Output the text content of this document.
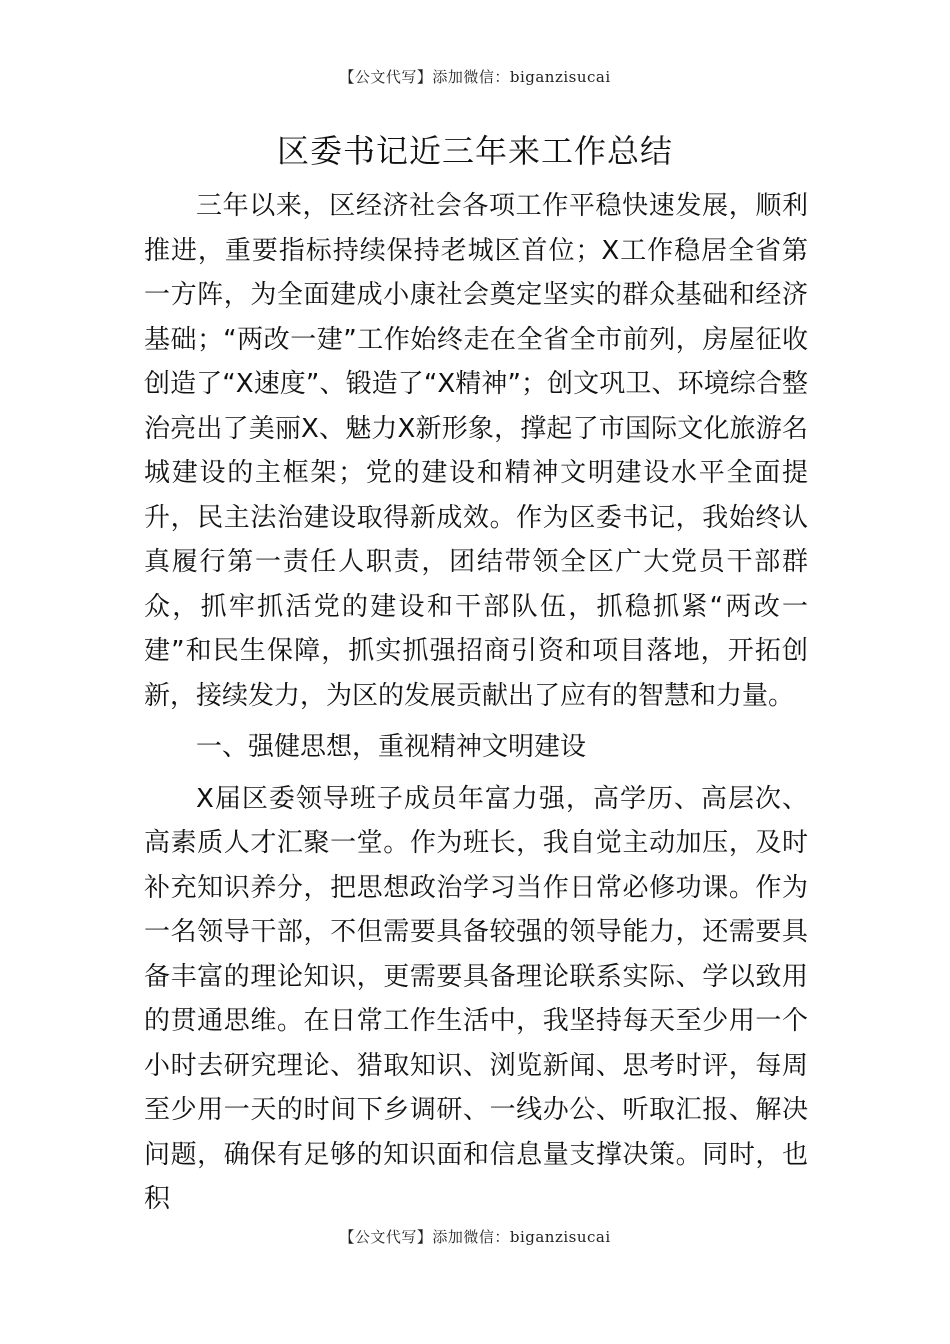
【公文代写】添加微信：biganzisucai
区委书记近三年来工作总结

三年以来，区经济社会各项工作平稳快速发展，顺利推进，重要指标持续保持老城区首位；X工作稳居全省第一方阵，为全面建成小康社会奠定坚实的群众基础和经济基础；“两改一建”工作始终走在全省全市前列，房屋征收创造了“X速度”、锻造了“X精神”；创文巩卫、环境综合整治亮出了美丽X、魅力X新形象，撑起了市国际文化旅游名城建设的主框架；党的建设和精神文明建设水平全面提升，民主法治建设取得新成效。作为区委书记，我始终认真履行第一责任人职责，团结带领全区广大党员干部群众，抓牢抓活党的建设和干部队伍，抓稳抓紧“两改一建”和民生保障，抓实抓强招商引资和项目落地，开拓创新，接续发力，为区的发展贡献出了应有的智慧和力量。

一、强健思想，重视精神文明建设

X届区委领导班子成员年富力强，高学历、高层次、高素质人才汇聚一堂。作为班长，我自觉主动加压，及时补充知识养分，把思想政治学习当作日常必修功课。作为一名领导干部，不但需要具备较强的领导能力，还需要具备丰富的理论知识，更需要具备理论联系实际、学以致用的贯通思维。在日常工作生活中，我坚持每天至少用一个小时去研究理论、猎取知识、浏览新闻、思考时评，每周至少用一天的时间下乡调研、一线办公、听取汇报、解决问题，确保有足够的知识面和信息量支撑决策。同时，也积

【公文代写】添加微信：biganzisucai
